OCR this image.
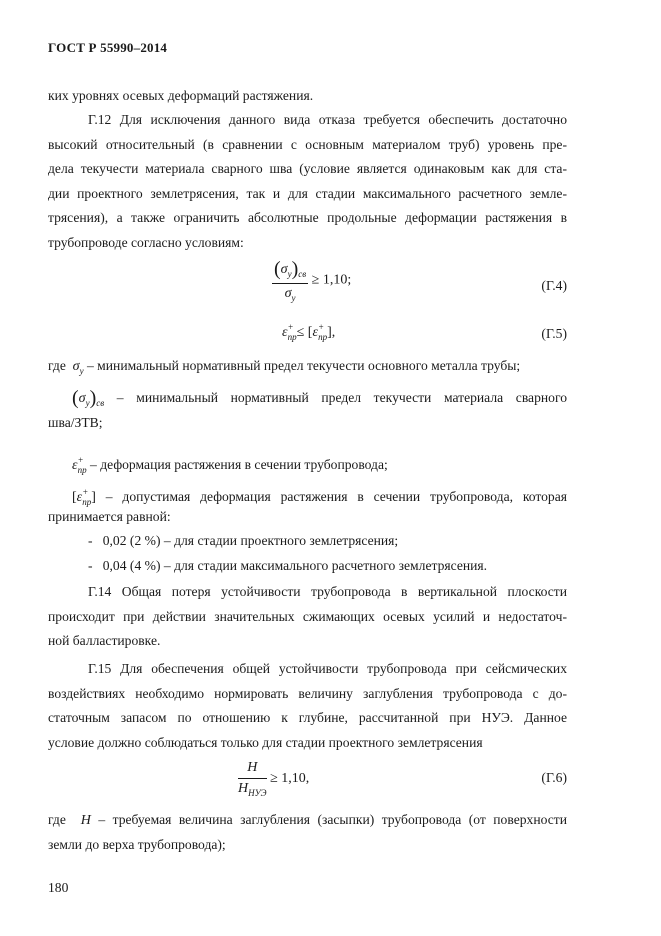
ГОСТ Р 55990–2014
ких уровнях осевых деформаций растяжения.
Г.12 Для исключения данного вида отказа требуется обеспечить достаточно
высокий относительный (в сравнении с основным материалом труб) уровень пре-
дела текучести материала сварного шва (условие является одинаковым как для ста-
дии проектного землетрясения, так и для стадии максимального расчетного земле-
трясения), а также ограничить абсолютные продольные деформации растяжения в
трубопроводе согласно условиям:
$\frac{(\sigma_y)_{св}}{\sigma_y} \ge 1,10$;	(Г.4)
$\varepsilon^+_{пр}\le [\varepsilon^+_{пр}]$,	(Г.5)
где $\sigma_y$ – минимальный нормативный предел текучести основного металла трубы;
$(\sigma_y)_{св}$ – минимальный нормативный предел текучести материала сварного
шва/ЗТВ;
$\varepsilon^+_{пр}$ – деформация растяжения в сечении трубопровода;
$[\varepsilon^+_{пр}]$ – допустимая деформация растяжения в сечении трубопровода, которая
принимается равной:
- 0,02 (2 %) – для стадии проектного землетрясения;
- 0,04 (4 %) – для стадии максимального расчетного землетрясения.
Г.14 Общая потеря устойчивости трубопровода в вертикальной плоскости
происходит при действии значительных сжимающих осевых усилий и недостаточ-
ной балластировке.
Г.15 Для обеспечения общей устойчивости трубопровода при сейсмических
воздействиях необходимо нормировать величину заглубления трубопровода с до-
статочным запасом по отношению к глубине, рассчитанной при НУЭ. Данное
условие должно соблюдаться только для стадии проектного землетрясения
$\frac{H}{H_{НУЭ}} \ge 1,10$,	(Г.6)
где H – требуемая величина заглубления (засыпки) трубопровода (от поверхности
земли до верха трубопровода);
180
